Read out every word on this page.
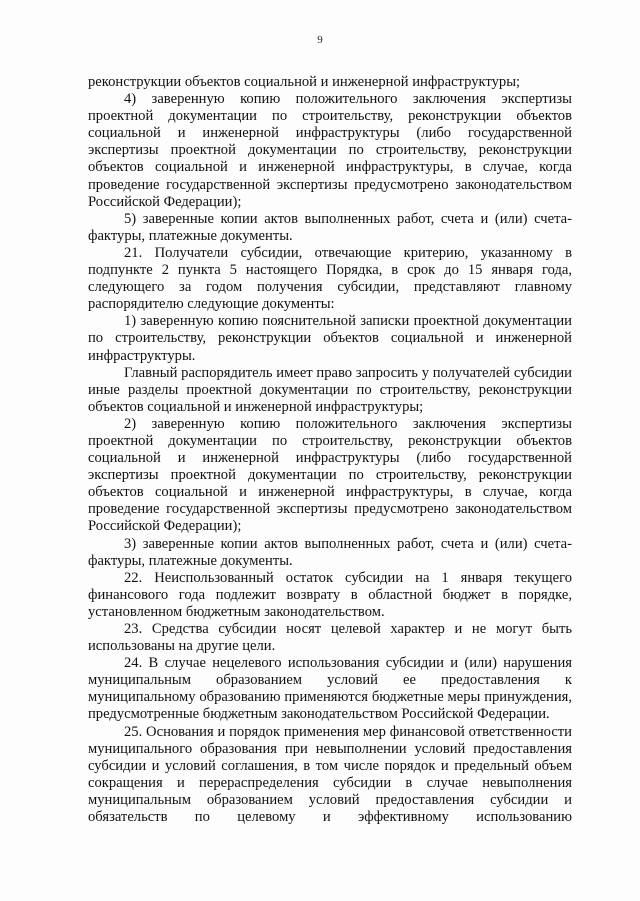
9

реконструкции объектов социальной и инженерной инфраструктуры;

4) заверенную копию положительного заключения экспертизы проектной документации по строительству, реконструкции объектов социальной и инженерной инфраструктуры (либо государственной экспертизы проектной документации по строительству, реконструкции объектов социальной и инженерной инфраструктуры, в случае, когда проведение государственной экспертизы предусмотрено законодательством Российской Федерации);

5) заверенные копии актов выполненных работ, счета и (или) счета-фактуры, платежные документы.

21. Получатели субсидии, отвечающие критерию, указанному в подпункте 2 пункта 5 настоящего Порядка, в срок до 15 января года, следующего за годом получения субсидии, представляют главному распорядителю следующие документы:

1) заверенную копию пояснительной записки проектной документации по строительству, реконструкции объектов социальной и инженерной инфраструктуры.

Главный распорядитель имеет право запросить у получателей субсидии иные разделы проектной документации по строительству, реконструкции объектов социальной и инженерной инфраструктуры;

2) заверенную копию положительного заключения экспертизы проектной документации по строительству, реконструкции объектов социальной и инженерной инфраструктуры (либо государственной экспертизы проектной документации по строительству, реконструкции объектов социальной и инженерной инфраструктуры, в случае, когда проведение государственной экспертизы предусмотрено законодательством Российской Федерации);

3) заверенные копии актов выполненных работ, счета и (или) счета-фактуры, платежные документы.

22. Неиспользованный остаток субсидии на 1 января текущего финансового года подлежит возврату в областной бюджет в порядке, установленном бюджетным законодательством.

23. Средства субсидии носят целевой характер и не могут быть использованы на другие цели.

24. В случае нецелевого использования субсидии и (или) нарушения муниципальным образованием условий ее предоставления к муниципальному образованию применяются бюджетные меры принуждения, предусмотренные бюджетным законодательством Российской Федерации.

25. Основания и порядок применения мер финансовой ответственности муниципального образования при невыполнении условий предоставления субсидии и условий соглашения, в том числе порядок и предельный объем сокращения и перераспределения субсидии в случае невыполнения муниципальным образованием условий предоставления субсидии и обязательств по целевому и эффективному использованию
